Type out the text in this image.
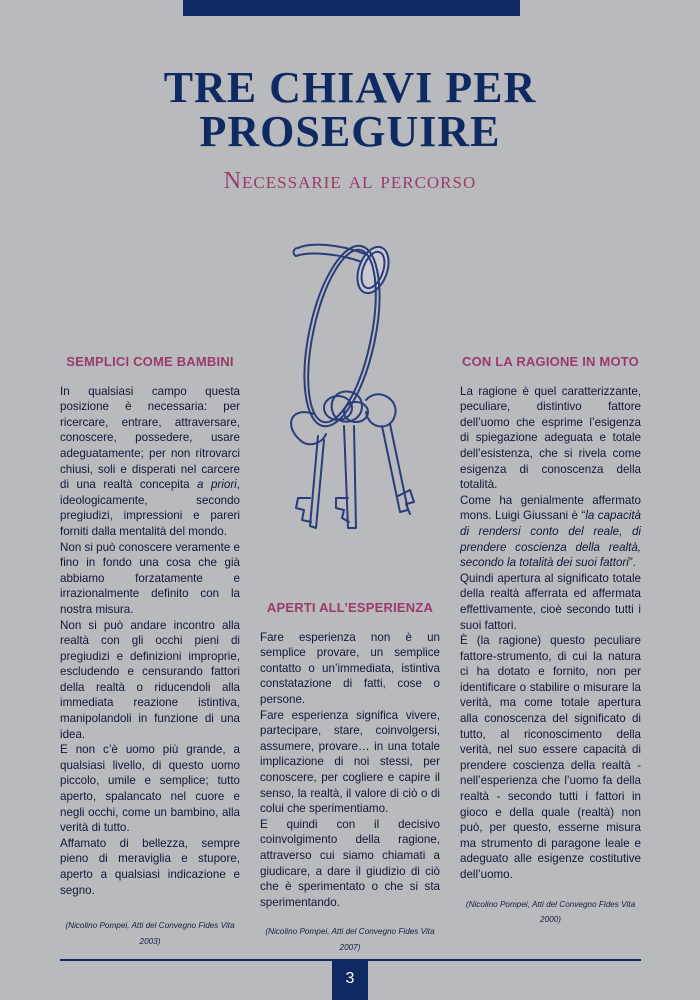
TRE CHIAVI PER
PROSEGUIRE
Necessarie al percorso
SEMPLICI COME BAMBINI

In qualsiasi campo questa posizione è necessaria: per ricercare, entrare, attraversare, conoscere, possedere, usare adeguatamente; per non ritrovarci chiusi, soli e disperati nel carcere di una realtà concepita a priori, ideologicamente, secondo pregiudizi, impressioni e pareri forniti dalla mentalità del mondo.

Non si può conoscere veramente e fino in fondo una cosa che già abbiamo forzatamente e irrazionalmente definito con la nostra misura.

Non si può andare incontro alla realtà con gli occhi pieni di pregiudizi e definizioni improprie, escludendo e censurando fattori della realtà o riducendoli alla immediata reazione istintiva, manipolandoli in funzione di una idea.

E non c’è uomo più grande, a qualsiasi livello, di questo uomo piccolo, umile e semplice; tutto aperto, spalancato nel cuore e negli occhi, come un bambino, alla verità di tutto.

Affamato di bellezza, sempre pieno di meraviglia e stupore, aperto a qualsiasi indicazione e segno.

(Nicolino Pompei, Atti del Convegno Fides Vita 2003)

APERTI ALL’ESPERIENZA

Fare esperienza non è un semplice provare, un semplice contatto o un’immediata, istintiva constatazione di fatti, cose o persone.

Fare esperienza significa vivere, partecipare, stare, coinvolgersi, assumere, provare… in una totale implicazione di noi stessi, per conoscere, per cogliere e capire il senso, la realtà, il valore di ciò o di colui che sperimentiamo.

E quindi con il decisivo coinvolgimento della ragione, attraverso cui siamo chiamati a giudicare, a dare il giudizio di ciò che è sperimentato o che si sta sperimentando.

(Nicolino Pompei, Atti del Convegno Fides Vita 2007)

CON LA RAGIONE IN MOTO

La ragione è quel caratterizzante, peculiare, distintivo fattore dell’uomo che esprime l’esigenza di spiegazione adeguata e totale dell’esistenza, che si rivela come esigenza di conoscenza della totalità.

Come ha genialmente affermato mons. Luigi Giussani è “la capacità di rendersi conto del reale, di prendere coscienza della realtà, secondo la totalità dei suoi fattori”.

Quindi apertura al significato totale della realtà afferrata ed affermata effettivamente, cioè secondo tutti i suoi fattori.

È (la ragione) questo peculiare fattore-strumento, di cui la natura ci ha dotato e fornito, non per identificare o stabilire o misurare la verità, ma come totale apertura alla conoscenza del significato di tutto, al riconoscimento della verità, nel suo essere capacità di prendere coscienza della realtà - nell’esperienza che l’uomo fa della realtà - secondo tutti i fattori in gioco e della quale (realtà) non può, per questo, esserne misura ma strumento di paragone leale e adeguato alle esigenze costitutive dell’uomo.

(Nicolino Pompei, Atti del Convegno Fides Vita 2000)

3
